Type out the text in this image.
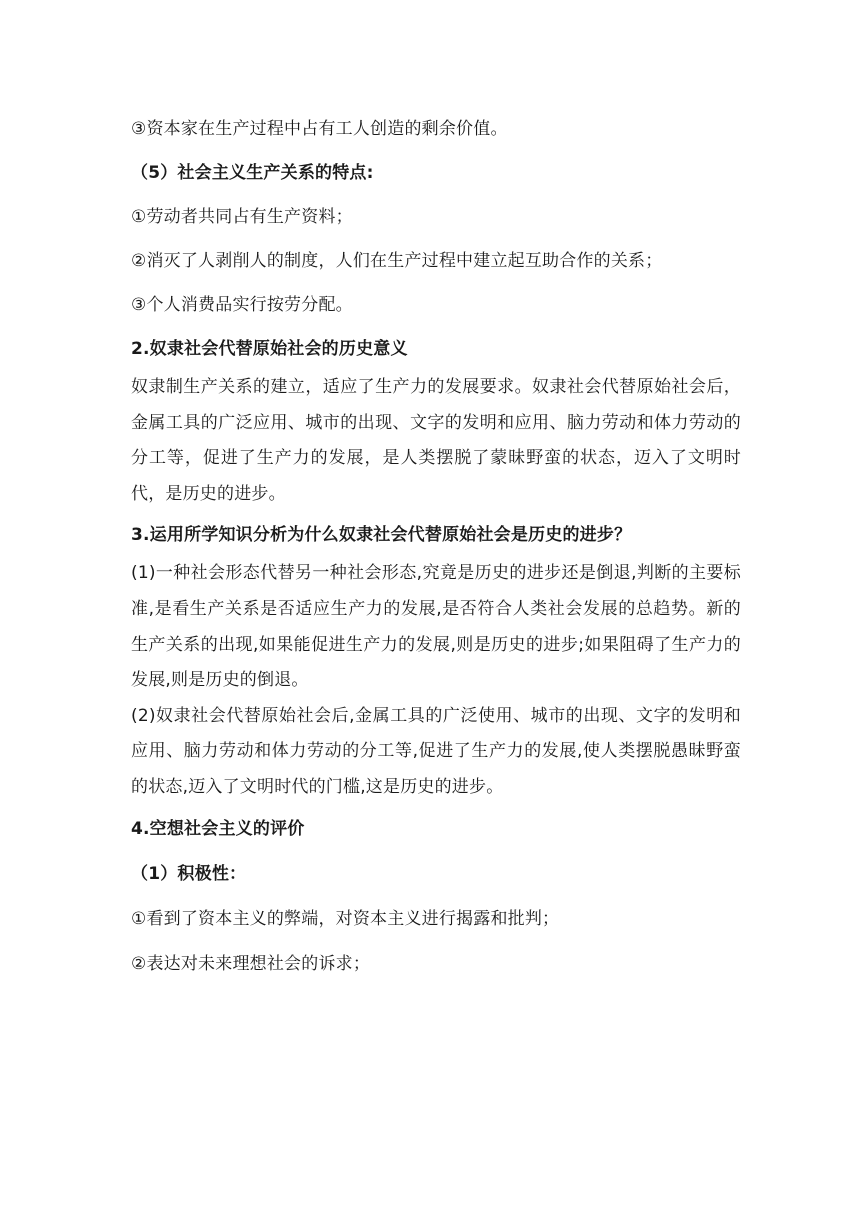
③资本家在生产过程中占有工人创造的剩余价值。

（5）社会主义生产关系的特点:

①劳动者共同占有生产资料；

②消灭了人剥削人的制度，人们在生产过程中建立起互助合作的关系；

③个人消费品实行按劳分配。

2.奴隶社会代替原始社会的历史意义

奴隶制生产关系的建立，适应了生产力的发展要求。奴隶社会代替原始社会后，金属工具的广泛应用、城市的出现、文字的发明和应用、脑力劳动和体力劳动的分工等，促进了生产力的发展，是人类摆脱了蒙昧野蛮的状态，迈入了文明时代，是历史的进步。

3.运用所学知识分析为什么奴隶社会代替原始社会是历史的进步？

(1)一种社会形态代替另一种社会形态,究竟是历史的进步还是倒退,判断的主要标准,是看生产关系是否适应生产力的发展,是否符合人类社会发展的总趋势。新的生产关系的出现,如果能促进生产力的发展,则是历史的进步;如果阻碍了生产力的发展,则是历史的倒退。

(2)奴隶社会代替原始社会后,金属工具的广泛使用、城市的出现、文字的发明和应用、脑力劳动和体力劳动的分工等,促进了生产力的发展,使人类摆脱愚昧野蛮的状态,迈入了文明时代的门槛,这是历史的进步。

4.空想社会主义的评价

（1）积极性：

①看到了资本主义的弊端，对资本主义进行揭露和批判；

②表达对未来理想社会的诉求；
